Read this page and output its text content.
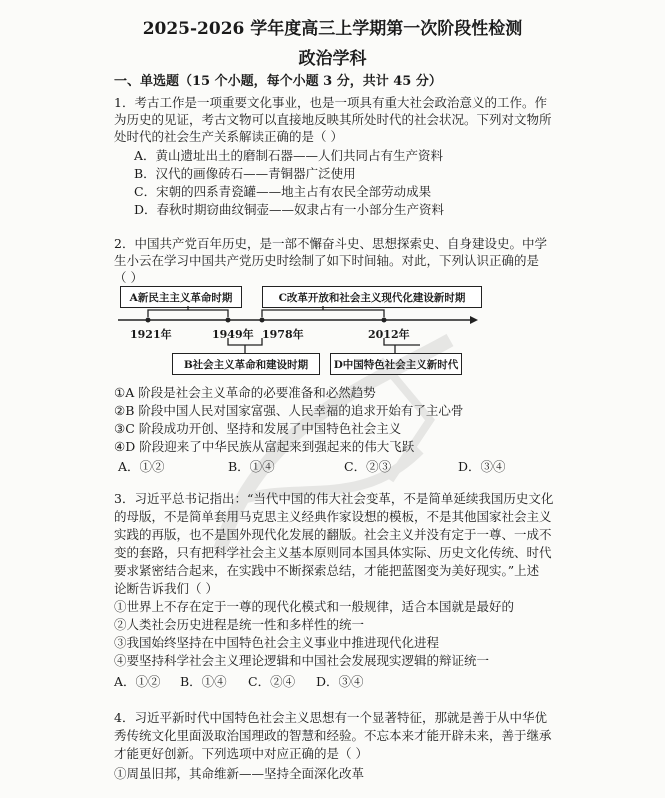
2025-2026 学年度高三上学期第一次阶段性检测
政治学科
一、单选题（15 个小题，每个小题 3 分，共计 45 分）
1．考古工作是一项重要文化事业，也是一项具有重大社会政治意义的工作。作
为历史的见证，考古文物可以直接地反映其所处时代的社会状况。下列对文物所
处时代的社会生产关系解读正确的是（ ）
A．黄山遗址出土的磨制石器——人们共同占有生产资料
B．汉代的画像砖石——青铜器广泛使用
C．宋朝的四系青瓷罐——地主占有农民全部劳动成果
D．春秋时期窃曲纹铜壶——奴隶占有一小部分生产资料
2．中国共产党百年历史，是一部不懈奋斗史、思想探索史、自身建设史。中学
生小云在学习中国共产党历史时绘制了如下时间轴。对此，下列认识正确的是
（ ）
A新民主主义革命时期	C改革开放和社会主义现代化建设新时期
B社会主义革命和建设时期	D中国特色社会主义新时代
1921年	1949年 1978年	2012年
①A 阶段是社会主义革命的必要准备和必然趋势
②B 阶段中国人民对国家富强、人民幸福的追求开始有了主心骨
③C 阶段成功开创、坚持和发展了中国特色社会主义
④D 阶段迎来了中华民族从富起来到强起来的伟大飞跃
A．①②	B．①④	C．②③	D．③④
3．习近平总书记指出：“当代中国的伟大社会变革，不是简单延续我国历史文化
的母版，不是简单套用马克思主义经典作家设想的模板，不是其他国家社会主义
实践的再版，也不是国外现代化发展的翻版。社会主义并没有定于一尊、一成不
变的套路，只有把科学社会主义基本原则同本国具体实际、历史文化传统、时代
要求紧密结合起来，在实践中不断探索总结，才能把蓝图变为美好现实。”上述
论断告诉我们（ ）
①世界上不存在定于一尊的现代化模式和一般规律，适合本国就是最好的
②人类社会历史进程是统一性和多样性的统一
③我国始终坚持在中国特色社会主义事业中推进现代化进程
④要坚持科学社会主义理论逻辑和中国社会发展现实逻辑的辩证统一
A．①② B．①④ C．②④ D．③④
4．习近平新时代中国特色社会主义思想有一个显著特征，那就是善于从中华优
秀传统文化里面汲取治国理政的智慧和经验。不忘本来才能开辟未来，善于继承
才能更好创新。下列选项中对应正确的是（ ）
①周虽旧邦，其命维新——坚持全面深化改革
